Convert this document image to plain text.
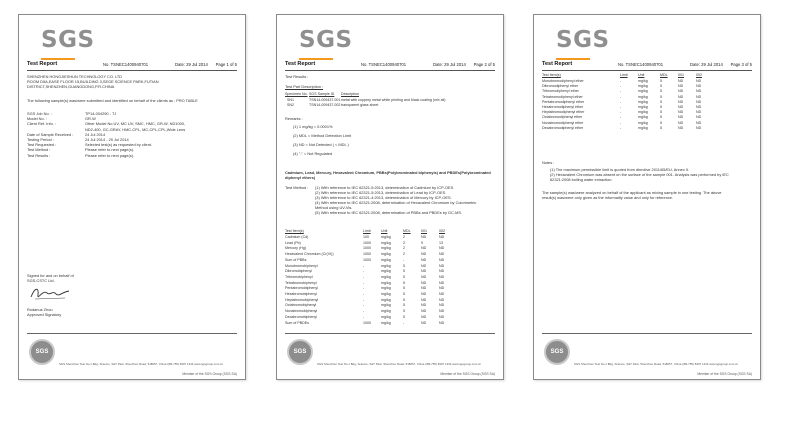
SGS
Test Report	No. TSNEC1400940701	Date: 29 Jul 2014 Page 1 of 5
SHENZHEN HONGJIESHUN TECHNOLOGY CO. LTD
ROOM D5A,EASE FLOOR 15,BUILDING 3,SEGE SCIENCE PARK,FUTIAN
DISTRICT,SHENZHEN,GUANGDONG,P.R.CHINA
The following sample(s) was/were submitted and identified on behalf of the clients as : PRO TABLE
SGS Job No. :	TP14-004290 - TJ
Model No. :	GR-W
Client Ref. Info. :	Other Model No.UV, MC UV, SMC, HMC, GR-W, ND1000,
ND2-400, GC-GRAY, HMC-CPL, MC-CPL,CPL,Wide Lens
Date of Sample Received :	24 Jul 2014
Testing Period :	24 Jul 2014 - 29 Jul 2014
Test Requested :	Selected test(s) as requested by client.
Test Method :	Please refer to next page(s).
Test Results :	Please refer to next page(s).
Signed for and on behalf of
SGS-CSTC Ltd.
Rodanus Zhou
Approved Signatory
SGS
SGS Shenzhen Test No.1 Bdg, Science, S&T Park, Shenzhen Road, 518057, China t(86-755) 8307 1443 www.sgsgroup.com.cn
Member of the SGS Group (SGS SA)
SGS
Test Report	No. TSNEC1400940701	Date: 29 Jul 2014 Page 2 of 5
Test Results :
Test Part Description :
Specimen No. SGS Sample ID Description
SN1	TSN14-009437.001 metal with coppery metal white printing and black coating (mix all)
SN2	TSN14-009437.002 transparent glass sheet
Remarks :
(1) 1 mg/kg = 0.0001%
(2) MDL = Method Detection Limit
(3) ND = Not Detected ( < MDL )
(4) "-" = Not Regulated
Cadmium, Lead, Mercury, Hexavalent Chromium, PBBs(Polybrominated biphenyls) and PBDEs(Polybrominated diphenyl ethers)
Test Method : (1) With reference to IEC 62321-5:2013, determination of Cadmium by ICP-OES.
(2) With reference to IEC 62321-5:2013, determination of Lead by ICP-OES.
(3) With reference to IEC 62321-4:2013, determination of Mercury by ICP-OES.
(4) With reference to IEC 62321:2008, determination of Hexavalent Chromium by Colorimetric
Method using UV-Vis.
(5) With reference to IEC 62321:2008, determination of PBBs and PBDEs by GC-MS.
Test Item(s)	Limit	Unit	MDL	001	002
Cadmium (Cd)	100	mg/kg	2	ND	ND
Lead (Pb)	1000	mg/kg	2	9	13
Mercury (Hg)	1000	mg/kg	2	ND	ND
Hexavalent Chromium (Cr(VI))	1000	mg/kg	2	ND	ND
Sum of PBBs	1000	mg/kg	-	ND	ND
Monobromobiphenyl	-	mg/kg	5	ND	ND
Dibromobiphenyl	-	mg/kg	5	ND	ND
Tribromobiphenyl	-	mg/kg	5	ND	ND
Tetrabromobiphenyl	-	mg/kg	5	ND	ND
Pentabromobiphenyl	-	mg/kg	5	ND	ND
Hexabromobiphenyl	-	mg/kg	5	ND	ND
Heptabromobiphenyl	-	mg/kg	5	ND	ND
Octabromobiphenyl	-	mg/kg	5	ND	ND
Nonabromobiphenyl	-	mg/kg	5	ND	ND
Decabromobiphenyl	-	mg/kg	5	ND	ND
Sum of PBDEs	1000	mg/kg	-	ND	ND
SGS
SGS Shenzhen Test No.1 Bdg, Science, S&T Park, Shenzhen Road, 518057, China t(86-755) 8307 1443 www.sgsgroup.com.cn
Member of the SGS Group (SGS SA)
SGS
Test Report	No. TSNEC1400940701	Date: 29 Jul 2014 Page 3 of 5
Test Item(s)	Limit	Unit	MDL	001	002
Monobromodiphenyl ether	-	mg/kg	5	ND	ND
Dibromodiphenyl ether	-	mg/kg	5	ND	ND
Tribromodiphenyl ether	-	mg/kg	5	ND	ND
Tetrabromodiphenyl ether	-	mg/kg	5	ND	ND
Pentabromodiphenyl ether	-	mg/kg	5	ND	ND
Hexabromodiphenyl ether	-	mg/kg	5	ND	ND
Heptabromodiphenyl ether	-	mg/kg	5	ND	ND
Octabromodiphenyl ether	-	mg/kg	5	ND	ND
Nonabromodiphenyl ether	-	mg/kg	5	ND	ND
Decabromodiphenyl ether	-	mg/kg	5	ND	ND
Notes :
(1) The maximum permissible limit is quoted from directive 2011/65/EU, Annex II.
(2) Hexavalent Chromium was absent on the surface of the sample 001. Analysis was performed by IEC
62321:2008 boiling water extraction.
The sample(s) was/were analyzed on behalf of the applicant as mixing sample in one testing. The above
result(s) was/were only given as the informality value and only for reference.
SGS
SGS Shenzhen Test No.1 Bdg, Science, S&T Park, Shenzhen Road, 518057, China t(86-755) 8307 1443 www.sgsgroup.com.cn
Member of the SGS Group (SGS SA)
